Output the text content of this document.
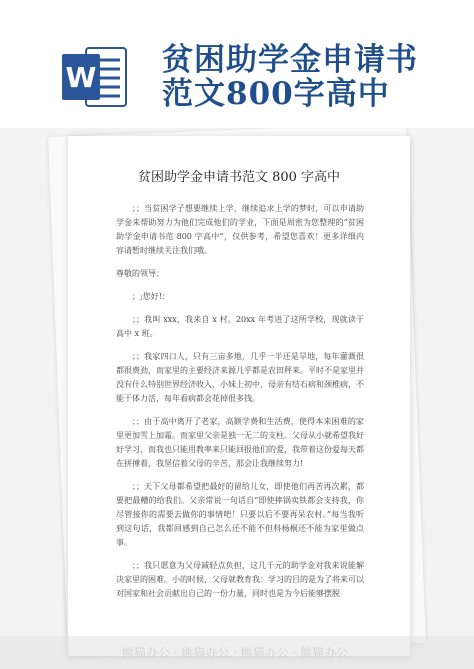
W 贫困助学金申请书
范文800字高中
贫困助学金申请书范文 800 字高中

；；当贫困学子想要继续上学，继续追求上学的梦时，可以申请助学金来帮助努力为他们完成他们的学业，下面是周密为您整理的“贫困助学金申请书范 800 字高中”，仅供参考，希望您喜欢！更多详细内容请暂时继续关注我们哦。

尊敬的领导：

；;您好!：

；；我叫 xxx，我来自 x 村。20xx 年考进了这所学校，现就读于高中 x 班。

；；我家四口人，只有三亩多地，几乎一半还是旱地，每年灌溉很都很费劲，而家里的主要经济来源几乎都是农田秤来。平时不是家里并没有什么特别世界经济收入，小妹上初中，母亲有结石病和颈椎病，不能干体力活，每年看病都会花掉很多钱。

；；由于高中离开了老家，高额学费和生活费，使得本来困难的家里更加雪上加霜。而家里父亲是独一无二的支柱。父母从小就希望我好好学习，而我也只能用教率来只能回报他们的爱，我带着这份爱每天都在拼搏着，我坚信着父母的辛苦，那会让我继续努力!

；；天下父母都希望把最好的留给儿女，即使他们再苦再次累，都要把最糟的给我们。父亲常说一句话自“即使摔锅卖铁都会支持我，你尽管接你的需要去做你的事情吧！只要以后不要再呆农村。”每当我听到这句话，我都回感到自己怎么还不能不但科杨桐还不能为家里做点事。

；；我只愿意为父母减轻点负担，这几千元的助学金对我来说能解决家里的困难。小的时候，父母就教育我：学习的目的是为了将来可以对国家和社会贡献出自己的一份力量，同时也是为今后能够摆脱

熊猫办公 · 熊猫办公 · 熊猫办公 · 熊猫办公
